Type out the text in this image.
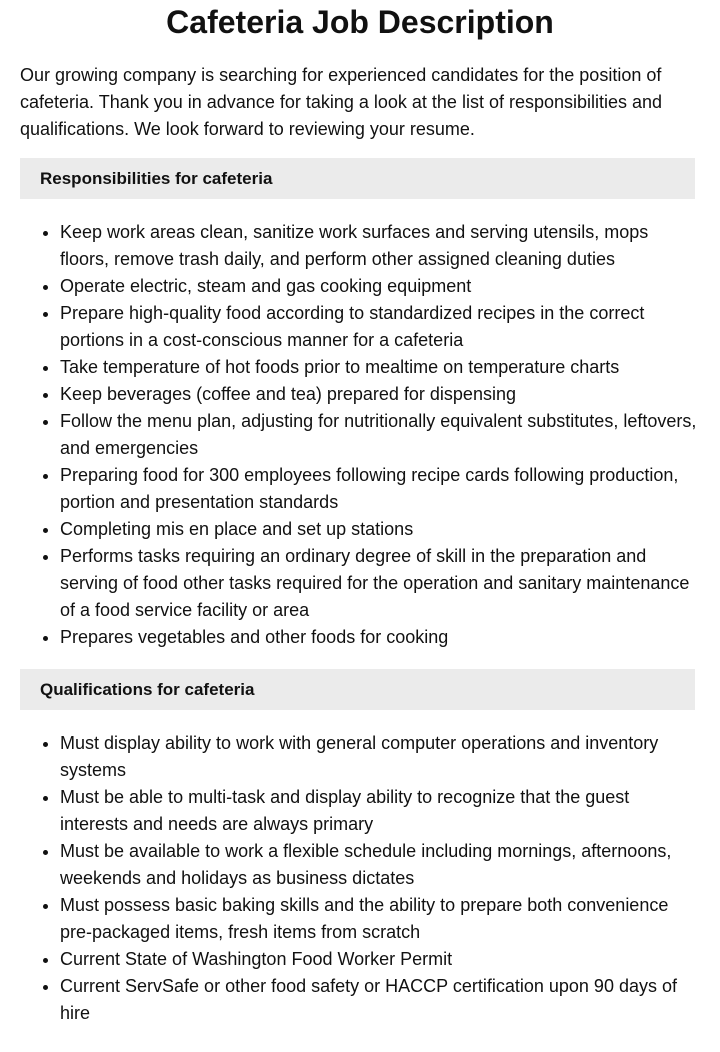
Cafeteria Job Description

Our growing company is searching for experienced candidates for the position of cafeteria. Thank you in advance for taking a look at the list of responsibilities and qualifications. We look forward to reviewing your resume.

Responsibilities for cafeteria
• Keep work areas clean, sanitize work surfaces and serving utensils, mops floors, remove trash daily, and perform other assigned cleaning duties
• Operate electric, steam and gas cooking equipment
• Prepare high-quality food according to standardized recipes in the correct portions in a cost-conscious manner for a cafeteria
• Take temperature of hot foods prior to mealtime on temperature charts
• Keep beverages (coffee and tea) prepared for dispensing
• Follow the menu plan, adjusting for nutritionally equivalent substitutes, leftovers, and emergencies
• Preparing food for 300 employees following recipe cards following production, portion and presentation standards
• Completing mis en place and set up stations
• Performs tasks requiring an ordinary degree of skill in the preparation and serving of food other tasks required for the operation and sanitary maintenance of a food service facility or area
• Prepares vegetables and other foods for cooking
Qualifications for cafeteria
• Must display ability to work with general computer operations and inventory systems
• Must be able to multi-task and display ability to recognize that the guest interests and needs are always primary
• Must be available to work a flexible schedule including mornings, afternoons, weekends and holidays as business dictates
• Must possess basic baking skills and the ability to prepare both convenience pre-packaged items, fresh items from scratch
• Current State of Washington Food Worker Permit
• Current ServSafe or other food safety or HACCP certification upon 90 days of hire
